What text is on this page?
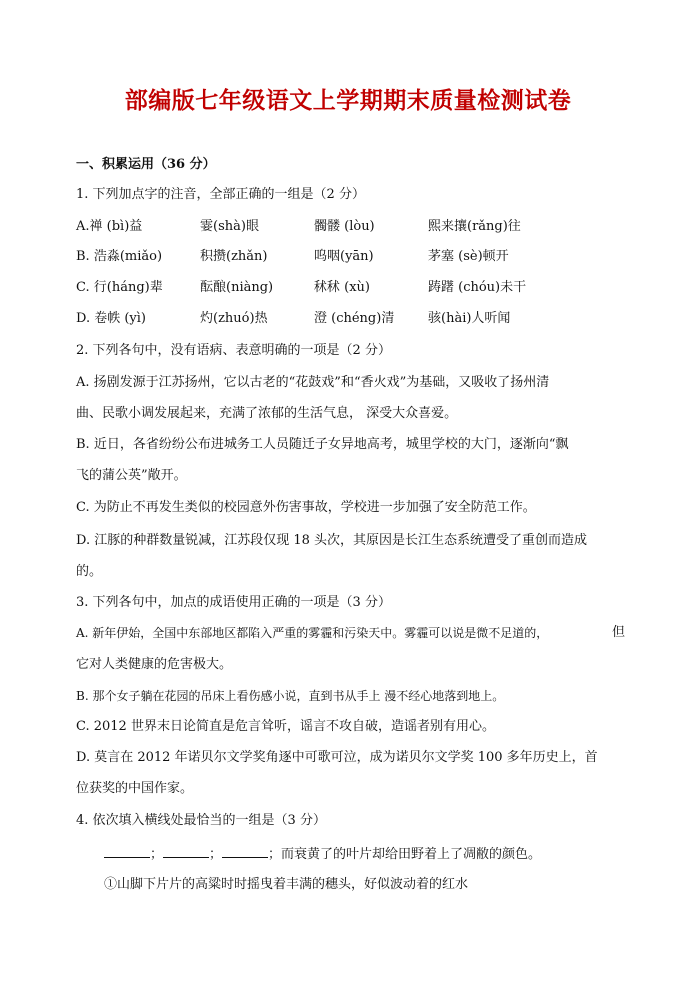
部编版七年级语文上学期期末质量检测试卷
一、积累运用（36 分）
1. 下列加点字的注音，全部正确的一组是（2 分）
A.禅 (bì)益	霎(shà)眼	髑髅 (lòu)	熙来攘(rǎng)往
B. 浩淼(miǎo)	积攒(zhǎn)	呜咽(yān)	茅塞 (sè)顿开
C. 行(háng)辈	酝酿(niàng)	秫秫 (xù)	踌躇 (chóu)未干
D. 卷帙 (yì)	灼(zhuó)热	澄 (chéng)清	骇(hài)人听闻
2. 下列各句中，没有语病、表意明确的一项是（2 分）
A. 扬剧发源于江苏扬州，它以古老的“花鼓戏”和“香火戏”为基础，又吸收了扬州清
曲、民歌小调发展起来，充满了浓郁的生活气息， 深受大众喜爱。
B. 近日，各省纷纷公布进城务工人员随迁子女异地高考，城里学校的大门，逐渐向“飘
飞的蒲公英”敞开。
C. 为防止不再发生类似的校园意外伤害事故，学校进一步加强了安全防范工作。
D. 江豚的种群数量锐减，江苏段仅现 18 头次，其原因是长江生态系统遭受了重创而造成
的。
3. 下列各句中，加点的成语使用正确的一项是（3 分）
A. 新年伊始，全国中东部地区都陷入严重的雾霾和污染天中。雾霾可以说是微不足道的，	但
它对人类健康的危害极大。
B. 那个女子躺在花园的吊床上看伤感小说，直到书从手上 漫不经心地落到地上。
C. 2012 世界末日论简直是危言耸听，谣言不攻自破，造谣者别有用心。
D. 莫言在 2012 年诺贝尔文学奖角逐中可歌可泣，成为诺贝尔文学奖 100 多年历史上，首
位获奖的中国作家。
4. 依次填入横线处最恰当的一组是（3 分）
；	；	；而衰黄了的叶片却给田野着上了凋敝的颜色。
①山脚下片片的高粱时时摇曳着丰满的穗头，好似波动着的红水
